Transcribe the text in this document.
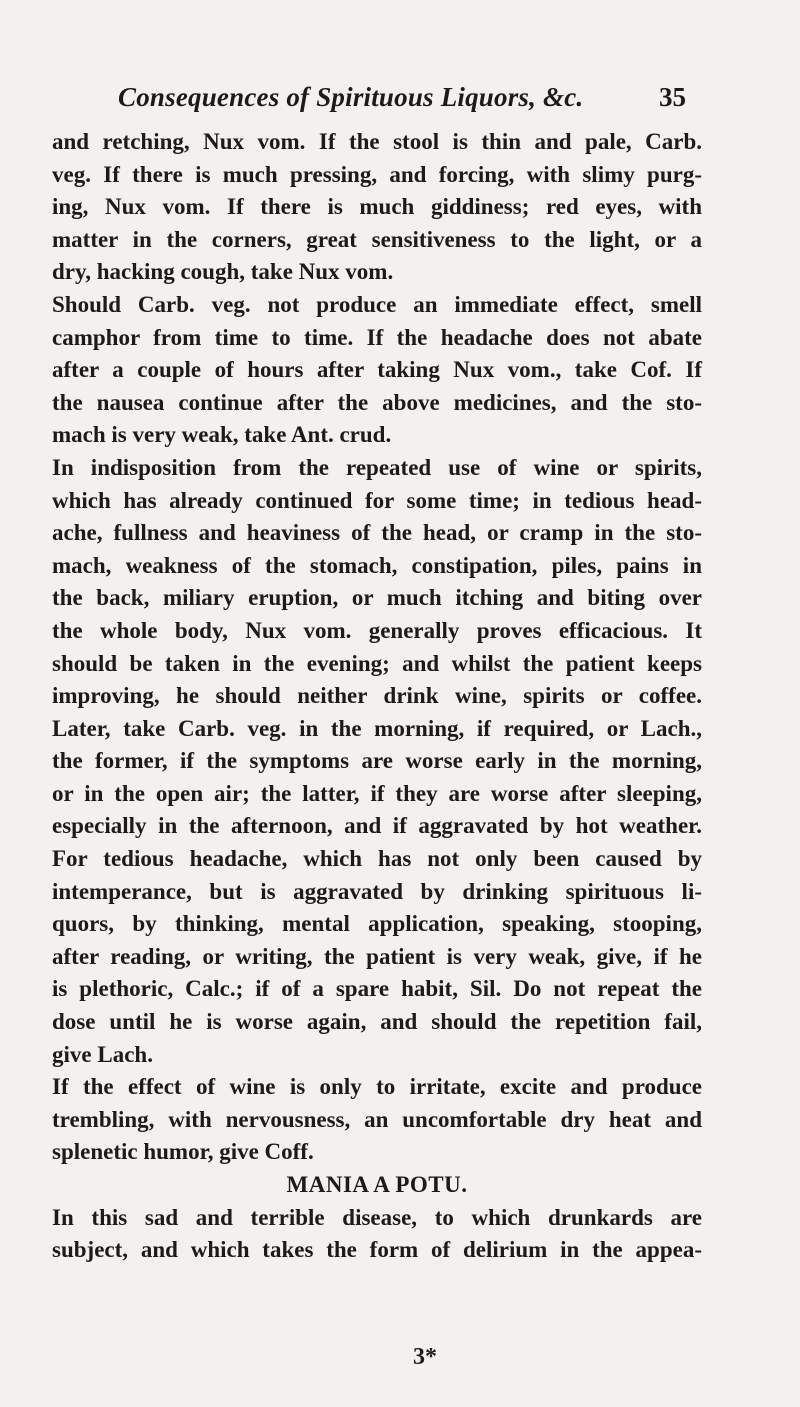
Consequences of Spirituous Liquors, &c.	35

and retching, Nux vom. If the stool is thin and pale, Carb.
veg. If there is much pressing, and forcing, with slimy purg-
ing, Nux vom. If there is much giddiness; red eyes, with
matter in the corners, great sensitiveness to the light, or a
dry, hacking cough, take Nux vom.

Should Carb. veg. not produce an immediate effect, smell
camphor from time to time. If the headache does not abate
after a couple of hours after taking Nux vom., take Cof. If
the nausea continue after the above medicines, and the sto-
mach is very weak, take Ant. crud.

In indisposition from the repeated use of wine or spirits,
which has already continued for some time; in tedious head-
ache, fullness and heaviness of the head, or cramp in the sto-
mach, weakness of the stomach, constipation, piles, pains in
the back, miliary eruption, or much itching and biting over
the whole body, Nux vom. generally proves efficacious. It
should be taken in the evening; and whilst the patient keeps
improving, he should neither drink wine, spirits or coffee.
Later, take Carb. veg. in the morning, if required, or Lach.,
the former, if the symptoms are worse early in the morning,
or in the open air; the latter, if they are worse after sleeping,
especially in the afternoon, and if aggravated by hot weather.

For tedious headache, which has not only been caused by
intemperance, but is aggravated by drinking spirituous li-
quors, by thinking, mental application, speaking, stooping,
after reading, or writing, the patient is very weak, give, if he
is plethoric, Calc.; if of a spare habit, Sil. Do not repeat the
dose until he is worse again, and should the repetition fail,
give Lach.

If the effect of wine is only to irritate, excite and produce
trembling, with nervousness, an uncomfortable dry heat and
splenetic humor, give Coff.

MANIA A POTU.

In this sad and terrible disease, to which drunkards are
subject, and which takes the form of delirium in the appea-

3*
